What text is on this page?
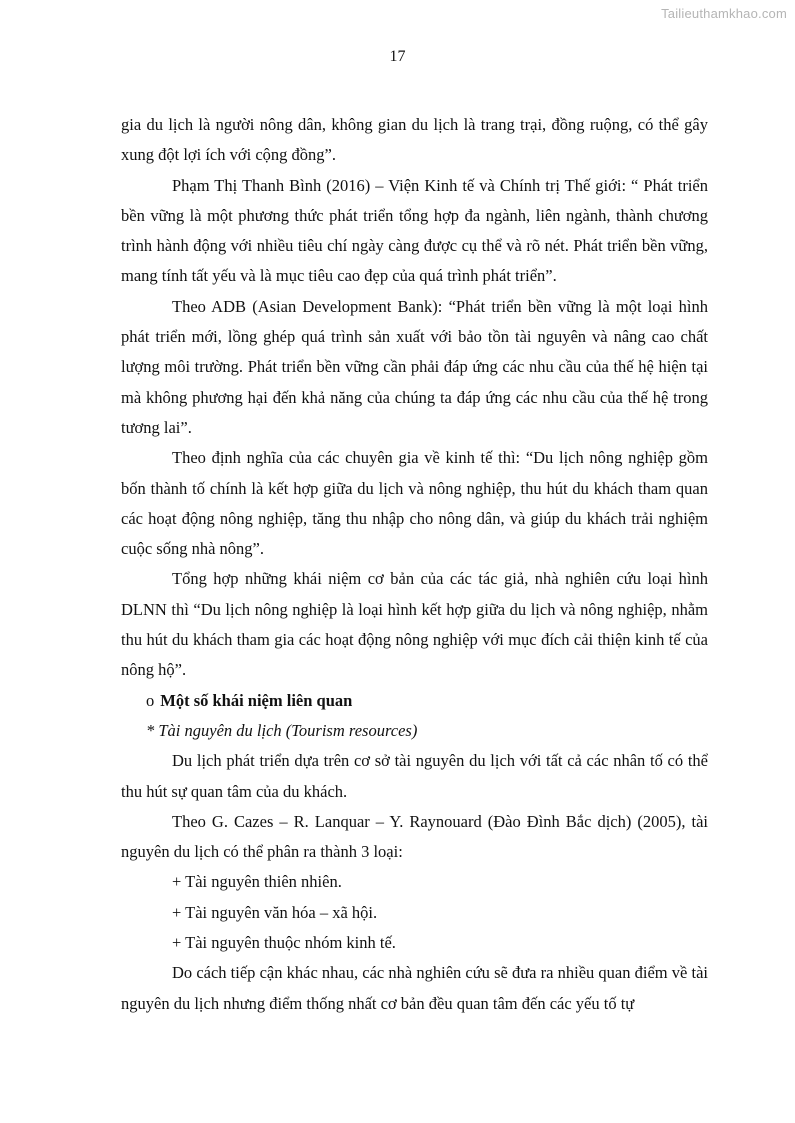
Tailieuthamkhao.com
17

gia du lịch là người nông dân, không gian du lịch là trang trại, đồng ruộng, có thể gây xung đột lợi ích với cộng đồng”.

Phạm Thị Thanh Bình (2016) – Viện Kinh tế và Chính trị Thế giới: “ Phát triển bền vững là một phương thức phát triển tổng hợp đa ngành, liên ngành, thành chương trình hành động với nhiều tiêu chí ngày càng được cụ thể và rõ nét. Phát triển bền vững, mang tính tất yếu và là mục tiêu cao đẹp của quá trình phát triển”.

Theo ADB (Asian Development Bank): “Phát triển bền vững là một loại hình phát triển mới, lồng ghép quá trình sản xuất với bảo tồn tài nguyên và nâng cao chất lượng môi trường. Phát triển bền vững cần phải đáp ứng các nhu cầu của thế hệ hiện tại mà không phương hại đến khả năng của chúng ta đáp ứng các nhu cầu của thế hệ trong tương lai”.

Theo định nghĩa của các chuyên gia về kinh tế thì: “Du lịch nông nghiệp gồm bốn thành tố chính là kết hợp giữa du lịch và nông nghiệp, thu hút du khách tham quan các hoạt động nông nghiệp, tăng thu nhập cho nông dân, và giúp du khách trải nghiệm cuộc sống nhà nông”.

Tổng hợp những khái niệm cơ bản của các tác giả, nhà nghiên cứu loại hình DLNN thì “Du lịch nông nghiệp là loại hình kết hợp giữa du lịch và nông nghiệp, nhằm thu hút du khách tham gia các hoạt động nông nghiệp với mục đích cải thiện kinh tế của nông hộ”.

o Một số khái niệm liên quan

* Tài nguyên du lịch (Tourism resources)

Du lịch phát triển dựa trên cơ sở tài nguyên du lịch với tất cả các nhân tố có thể thu hút sự quan tâm của du khách.

Theo G. Cazes – R. Lanquar – Y. Raynouard (Đào Đình Bắc dịch) (2005), tài nguyên du lịch có thể phân ra thành 3 loại:

+ Tài nguyên thiên nhiên.

+ Tài nguyên văn hóa – xã hội.

+ Tài nguyên thuộc nhóm kinh tế.

Do cách tiếp cận khác nhau, các nhà nghiên cứu sẽ đưa ra nhiều quan điểm về tài nguyên du lịch nhưng điểm thống nhất cơ bản đều quan tâm đến các yếu tố tự
